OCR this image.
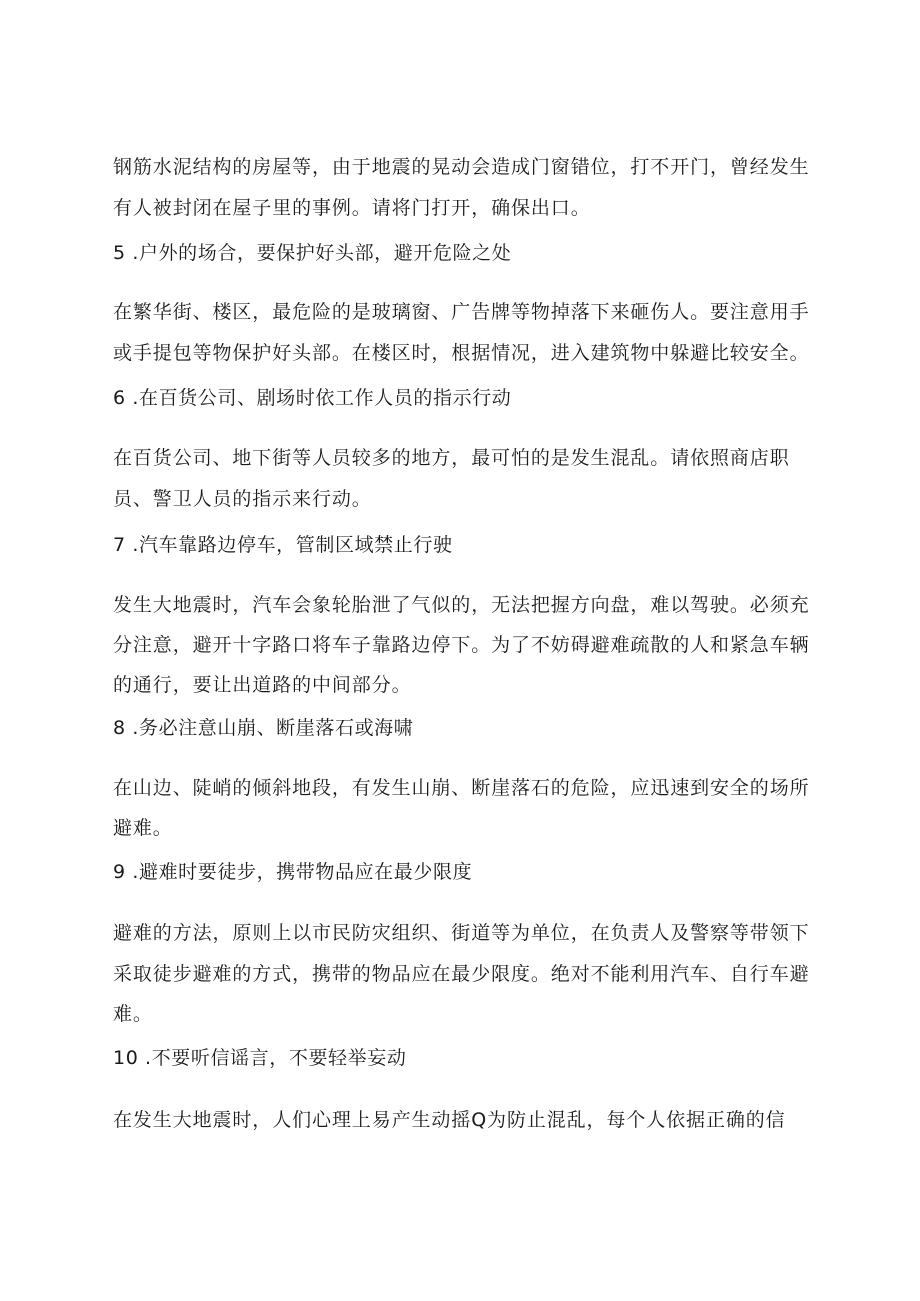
钢筋水泥结构的房屋等，由于地震的晃动会造成门窗错位，打不开门，曾经发生
有人被封闭在屋子里的事例。请将门打开，确保出口。
5 .户外的场合，要保护好头部，避开危险之处
在繁华街、楼区，最危险的是玻璃窗、广告牌等物掉落下来砸伤人。要注意用手
或手提包等物保护好头部。在楼区时，根据情况，进入建筑物中躲避比较安全。
6 .在百货公司、剧场时依工作人员的指示行动
在百货公司、地下街等人员较多的地方，最可怕的是发生混乱。请依照商店职
员、警卫人员的指示来行动。
7 .汽车靠路边停车，管制区域禁止行驶
发生大地震时，汽车会象轮胎泄了气似的，无法把握方向盘，难以驾驶。必须充
分注意，避开十字路口将车子靠路边停下。为了不妨碍避难疏散的人和紧急车辆
的通行，要让出道路的中间部分。
8 .务必注意山崩、断崖落石或海啸
在山边、陡峭的倾斜地段，有发生山崩、断崖落石的危险，应迅速到安全的场所
避难。
9 .避难时要徒步，携带物品应在最少限度
避难的方法，原则上以市民防灾组织、街道等为单位，在负责人及警察等带领下
采取徒步避难的方式，携带的物品应在最少限度。绝对不能利用汽车、自行车避
难。
10 .不要听信谣言，不要轻举妄动
在发生大地震时，人们心理上易产生动摇Q为防止混乱，每个人依据正确的信
